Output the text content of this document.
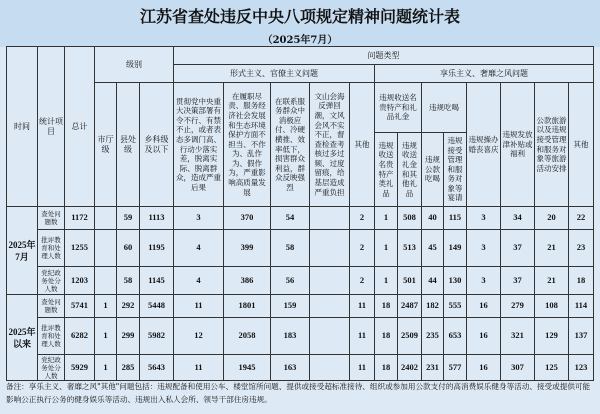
江苏省查处违反中央八项规定精神问题统计表
（2025年7月）
时间	统计项目	总计	级别			问题类型												
						形式主义、官僚主义问题					享乐主义、奢靡之风问题							
			市厅级	县处级	乡科级及以下	贯彻党中央重大决策部署有令不行、有禁不止，或者表态多调门高、行动少落实差，脱离实际、脱离群众，造成严重后果	在履职尽责、服务经济社会发展和生态环境保护方面不担当、不作为、乱作为、假作为，严重影响高质量发展	在联系服务群众中消极应付、冷硬横推、效率低下，损害群众利益，群众反映强烈	文山会海反弹回潮，文风会风不实不正，督查检查考核过多过频、过度留痕，给基层造成严重负担	其他	违规收送名贵特产和礼品礼金		违规吃喝		违规操办婚丧喜庆	违规发放津补贴或福利	公款旅游以及违规接受管理和服务对象等旅游活动安排	其他
											违规收送名贵特产类礼品	违规收送礼金和其他礼品	违规公款吃喝	违规接受管理和服务对象等宴请				
2025年7月	查处问题数	1172		59	1113	3	370	54		2	1	508	40	115	3	34	20	22
	批评教育和处理人数	1255		60	1195	4	399	58		2	1	513	45	149	3	37	21	23
	党纪政务处分人数	1203		58	1145	4	386	56		2	1	501	44	130	3	37	21	18
2025年以来	查处问题数	5741	1	292	5448	11	1801	159		11	18	2487	182	555	16	279	108	114
	批评教育和处理人数	6282	1	299	5982	12	2058	183		11	18	2509	235	653	16	321	129	137
	党纪政务处分人数	5929	1	285	5643	11	1945	163		11	18	2402	231	577	16	307	125	123
备注：享乐主义、奢靡之风"其他"问题包括：违规配备和使用公车、楼堂馆所问题、提供或接受超标准接待、组织或参加用公款支付的高消费娱乐健身等活动、接受或提供可能影响公正执行公务的健身娱乐等活动、违规出入私人会所、领导干部住房违规。
